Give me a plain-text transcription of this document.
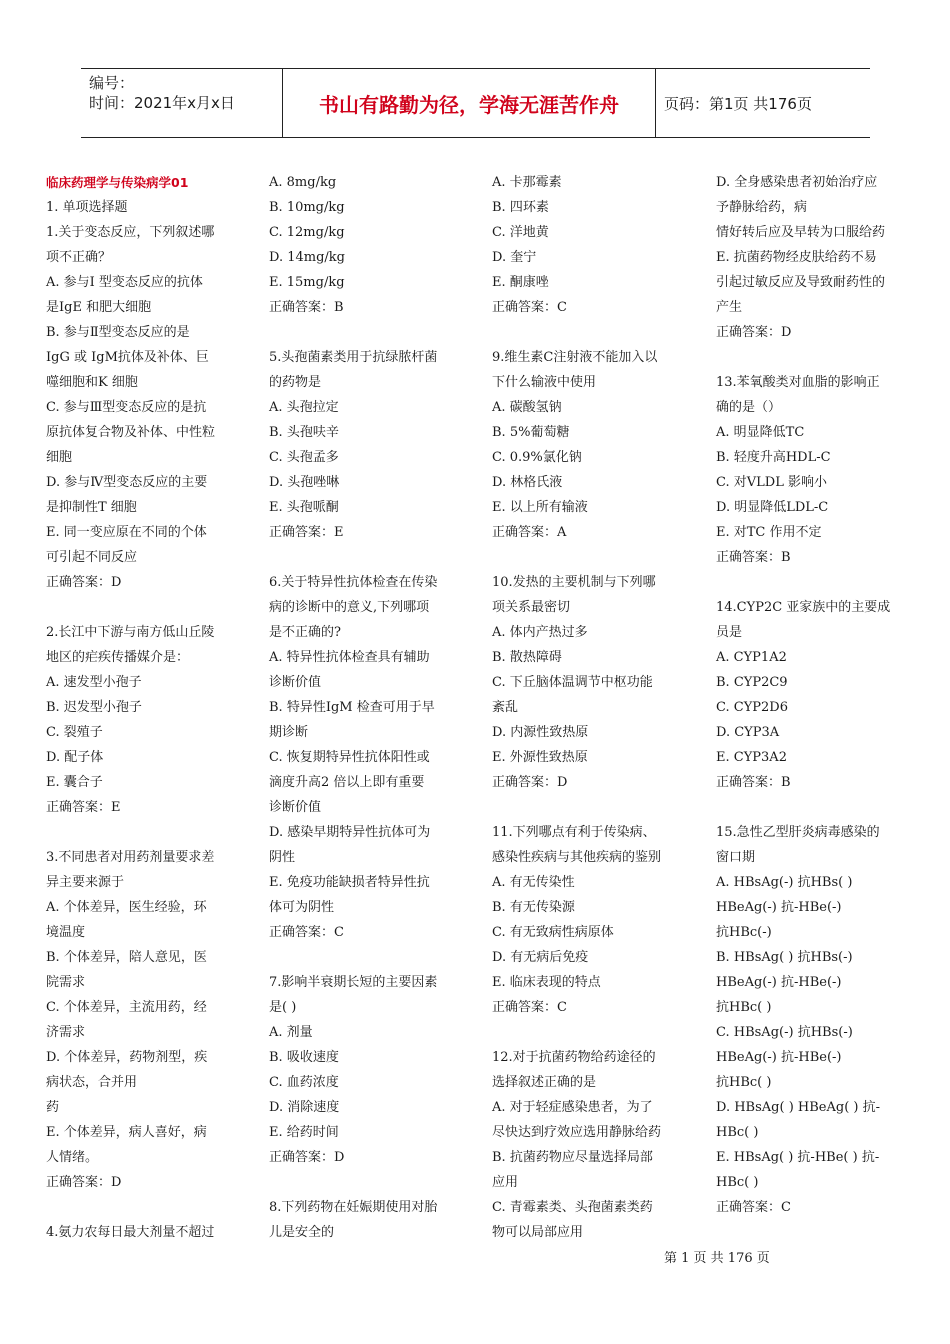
编号：
时间：2021年x月x日	书山有路勤为径，学海无涯苦作舟	页码：第1页 共176页
临床药理学与传染病学01
1. 单项选择题
1.关于变态反应，下列叙述哪
项不正确？
A. 参与Ⅰ 型变态反应的抗体
是IgE 和肥大细胞
B. 参与Ⅱ型变态反应的是
IgG 或 IgM抗体及补体、巨
噬细胞和K 细胞
C. 参与Ⅲ型变态反应的是抗
原抗体复合物及补体、中性粒
细胞
D. 参与Ⅳ型变态反应的主要
是抑制性T 细胞
E. 同一变应原在不同的个体
可引起不同反应
正确答案：D
2.长江中下游与南方低山丘陵
地区的疟疾传播媒介是：
A. 速发型小孢子
B. 迟发型小孢子
C. 裂殖子
D. 配子体
E. 囊合子
正确答案：E
3.不同患者对用药剂量要求差
异主要来源于
A. 个体差异，医生经验，环
境温度
B. 个体差异，陪人意见，医
院需求
C. 个体差异，主流用药，经
济需求
D. 个体差异，药物剂型，疾
病状态，合并用
药
E. 个体差异，病人喜好，病
人情绪。
正确答案：D
4.氨力农每日最大剂量不超过
A. 8mg/kg
B. 10mg/kg
C. 12mg/kg
D. 14mg/kg
E. 15mg/kg
正确答案：B
5.头孢菌素类用于抗绿脓杆菌
的药物是
A. 头孢拉定
B. 头孢呋辛
C. 头孢孟多
D. 头孢唑啉
E. 头孢哌酮
正确答案：E
6.关于特异性抗体检查在传染
病的诊断中的意义,下列哪项
是不正确的?
A. 特异性抗体检查具有辅助
诊断价值
B. 特异性IgM 检查可用于早
期诊断
C. 恢复期特异性抗体阳性或
滴度升高2 倍以上即有重要
诊断价值
D. 感染早期特异性抗体可为
阴性
E. 免疫功能缺损者特异性抗
体可为阴性
正确答案：C
7.影响半衰期长短的主要因素
是( )
A. 剂量
B. 吸收速度
C. 血药浓度
D. 消除速度
E. 给药时间
正确答案：D
8.下列药物在妊娠期使用对胎
儿是安全的
A. 卡那霉素
B. 四环素
C. 洋地黄
D. 奎宁
E. 酮康唑
正确答案：C
9.维生素C注射液不能加入以
下什么输液中使用
A. 碳酸氢钠
B. 5%葡萄糖
C. 0.9%氯化钠
D. 林格氏液
E. 以上所有输液
正确答案：A
10.发热的主要机制与下列哪
项关系最密切
A. 体内产热过多
B. 散热障碍
C. 下丘脑体温调节中枢功能
紊乱
D. 内源性致热原
E. 外源性致热原
正确答案：D
11.下列哪点有利于传染病、
感染性疾病与其他疾病的鉴别
A. 有无传染性
B. 有无传染源
C. 有无致病性病原体
D. 有无病后免疫
E. 临床表现的特点
正确答案：C
12.对于抗菌药物给药途径的
选择叙述正确的是
A. 对于轻症感染患者，为了
尽快达到疗效应选用静脉给药
B. 抗菌药物应尽量选择局部
应用
C. 青霉素类、头孢菌素类药
物可以局部应用
D. 全身感染患者初始治疗应
予静脉给药，病
情好转后应及早转为口服给药
E. 抗菌药物经皮肤给药不易
引起过敏反应及导致耐药性的
产生
正确答案：D
13.苯氧酸类对血脂的影响正
确的是（）
A. 明显降低TC
B. 轻度升高HDL-C
C. 对VLDL 影响小
D. 明显降低LDL-C
E. 对TC 作用不定
正确答案：B
14.CYP2C 亚家族中的主要成
员是
A. CYP1A2
B. CYP2C9
C. CYP2D6
D. CYP3A
E. CYP3A2
正确答案：B
15.急性乙型肝炎病毒感染的
窗口期
A. HBsAg(-) 抗HBs( )
HBeAg(-) 抗-HBe(-)
抗HBc(-)
B. HBsAg( ) 抗HBs(-)
HBeAg(-) 抗-HBe(-)
抗HBc( )
C. HBsAg(-) 抗HBs(-)
HBeAg(-) 抗-HBe(-)
抗HBc( )
D. HBsAg( ) HBeAg( ) 抗-
HBc( )
E. HBsAg( ) 抗-HBe( ) 抗-
HBc( )
正确答案：C
第 1 页 共 176 页
